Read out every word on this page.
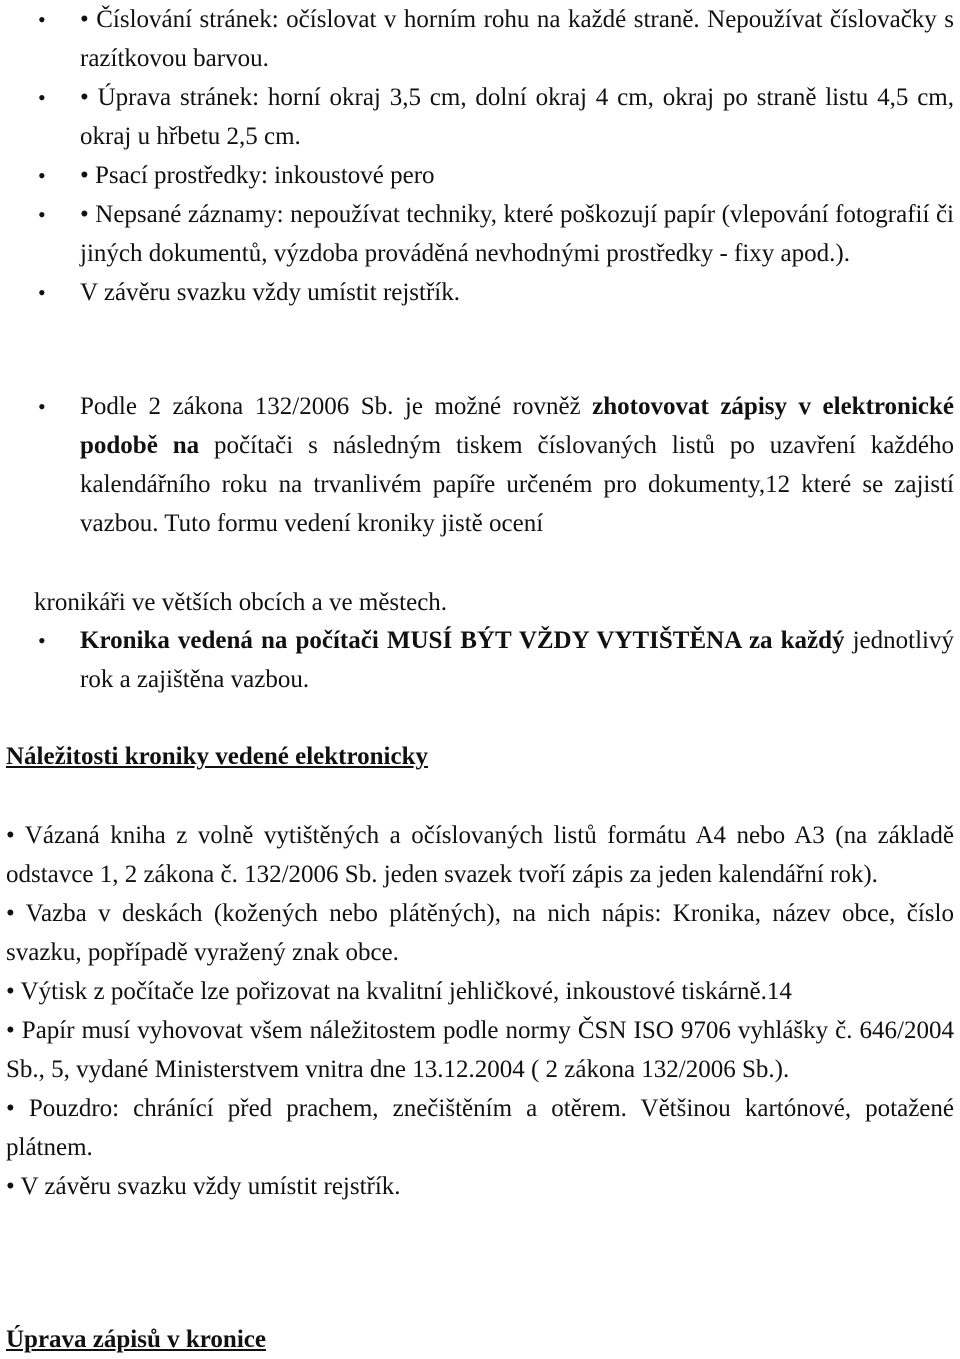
•	• Číslování stránek: očíslovat v horním rohu na každé straně. Nepoužívat číslovačky s razítkovou barvou.
•	• Úprava stránek: horní okraj 3,5 cm, dolní okraj 4 cm, okraj po straně listu 4,5 cm, okraj u hřbetu 2,5 cm.
•	• Psací prostředky: inkoustové pero
•	• Nepsané záznamy: nepoužívat techniky, které poškozují papír (vlepování fotografií či jiných dokumentů, výzdoba prováděná nevhodnými prostředky - fixy apod.).
•	V závěru svazku vždy umístit rejstřík.
•	Podle 2 zákona 132/2006 Sb. je možné rovněž zhotovovat zápisy v elektronické podobě na počítači s následným tiskem číslovaných listů po uzavření každého kalendářního roku na trvanlivém papíře určeném pro dokumenty,12 které se zajistí vazbou. Tuto formu vedení kroniky jistě ocení
kronikáři ve větších obcích a ve městech.
•	Kronika vedená na počítači MUSÍ BÝT VŽDY VYTIŠTĚNA za každý jednotlivý rok a zajištěna vazbou.
Náležitosti kroniky vedené elektronicky
• Vázaná kniha z volně vytištěných a očíslovaných listů formátu A4 nebo A3 (na základě odstavce 1, 2 zákona č. 132/2006 Sb. jeden svazek tvoří zápis za jeden kalendářní rok).
• Vazba v deskách (kožených nebo plátěných), na nich nápis: Kronika, název obce, číslo svazku, popřípadě vyražený znak obce.
• Výtisk z počítače lze pořizovat na kvalitní jehličkové, inkoustové tiskárně.14
• Papír musí vyhovovat všem náležitostem podle normy ČSN ISO 9706 vyhlášky č. 646/2004 Sb., 5, vydané Ministerstvem vnitra dne 13.12.2004 ( 2 zákona 132/2006 Sb.).
• Pouzdro: chránící před prachem, znečištěním a otěrem. Většinou kartónové, potažené plátnem.
• V závěru svazku vždy umístit rejstřík.
Úprava zápisů v kronice
